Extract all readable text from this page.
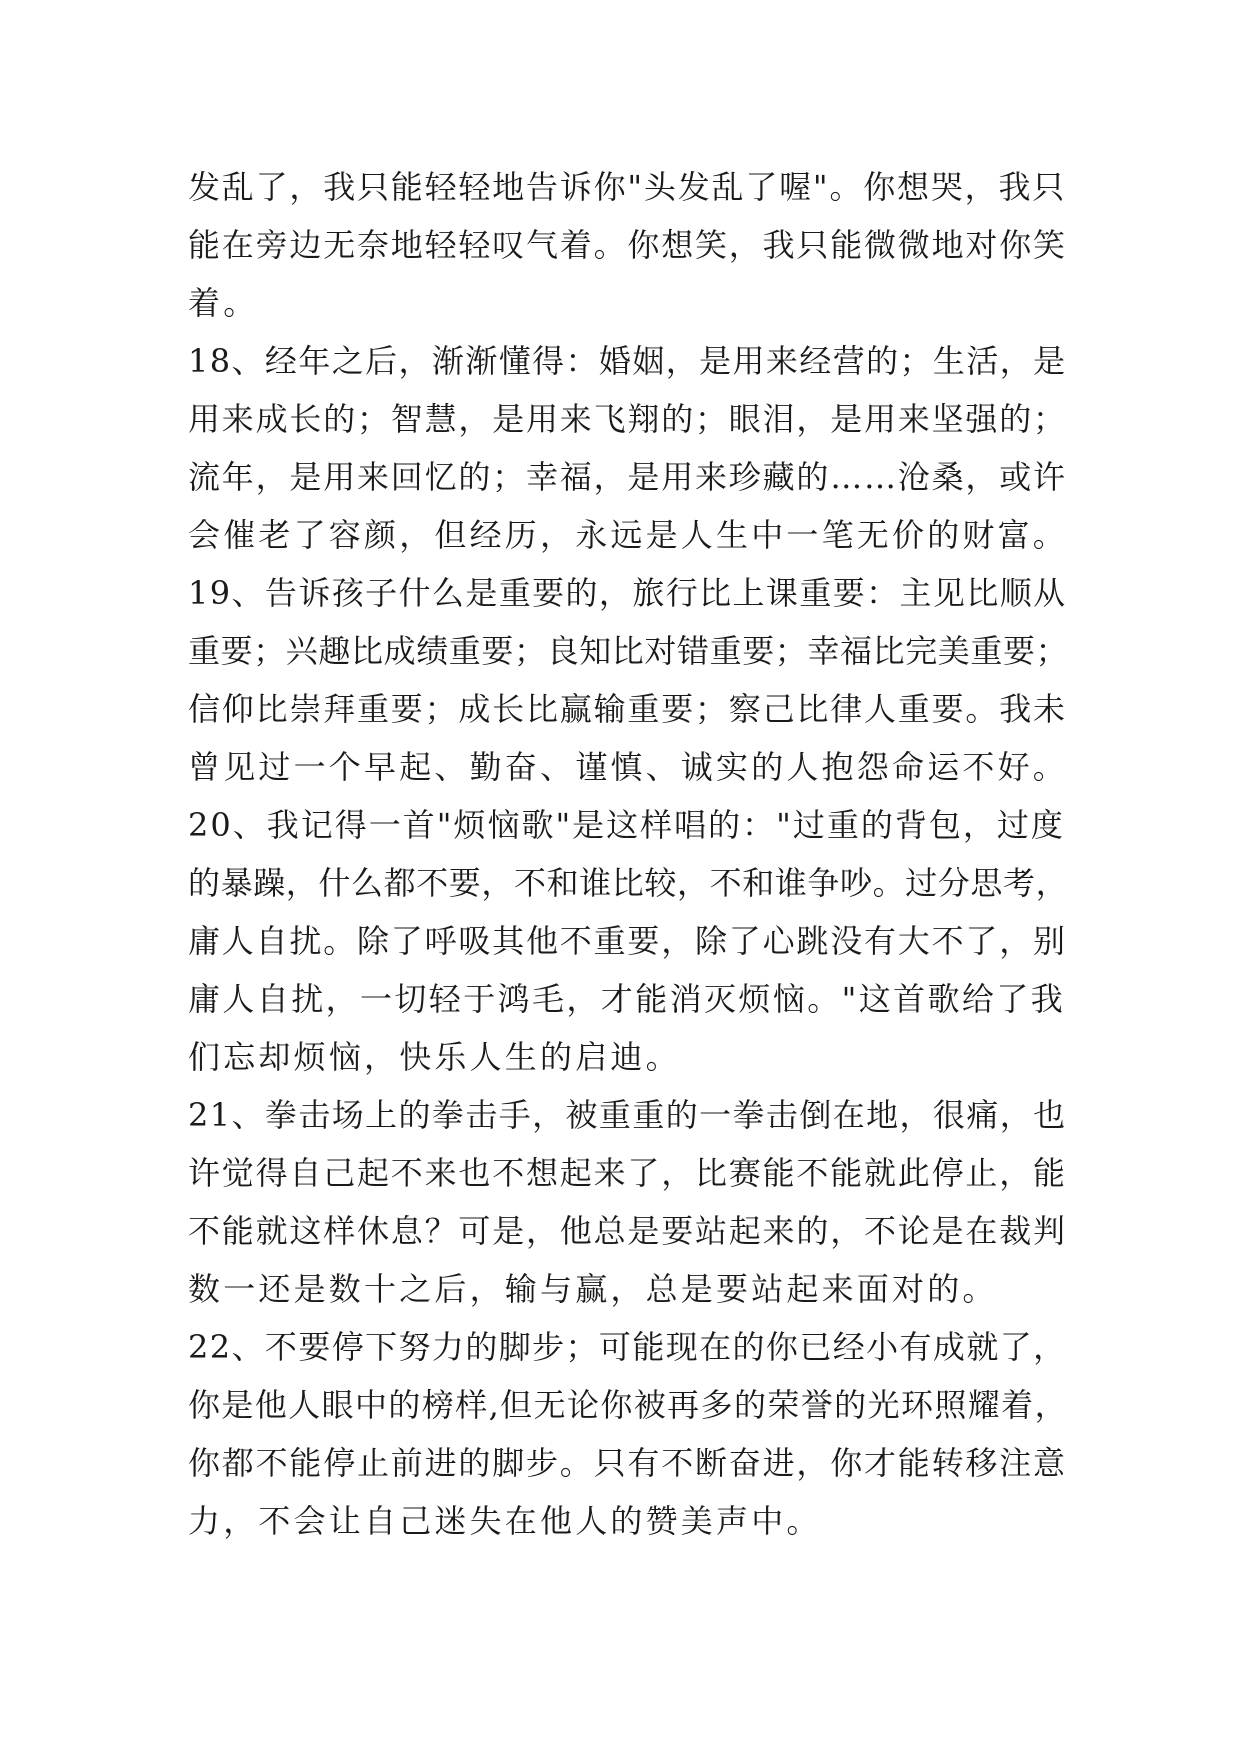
发乱了，我只能轻轻地告诉你"头发乱了喔"。你想哭，我只
能在旁边无奈地轻轻叹气着。你想笑，我只能微微地对你笑
着。
18、经年之后，渐渐懂得：婚姻，是用来经营的；生活，是
用来成长的；智慧，是用来飞翔的；眼泪，是用来坚强的；
流年，是用来回忆的；幸福，是用来珍藏的……沧桑，或许
会催老了容颜，但经历，永远是人生中一笔无价的财富。
19、告诉孩子什么是重要的，旅行比上课重要：主见比顺从
重要；兴趣比成绩重要；良知比对错重要；幸福比完美重要；
信仰比崇拜重要；成长比赢输重要；察己比律人重要。我未
曾见过一个早起、勤奋、谨慎、诚实的人抱怨命运不好。
20、我记得一首"烦恼歌"是这样唱的："过重的背包，过度
的暴躁，什么都不要，不和谁比较，不和谁争吵。过分思考，
庸人自扰。除了呼吸其他不重要，除了心跳没有大不了，别
庸人自扰，一切轻于鸿毛，才能消灭烦恼。"这首歌给了我
们忘却烦恼，快乐人生的启迪。
21、拳击场上的拳击手，被重重的一拳击倒在地，很痛，也
许觉得自己起不来也不想起来了，比赛能不能就此停止，能
不能就这样休息？可是，他总是要站起来的，不论是在裁判
数一还是数十之后，输与赢，总是要站起来面对的。
22、不要停下努力的脚步；可能现在的你已经小有成就了，
你是他人眼中的榜样,但无论你被再多的荣誉的光环照耀着，
你都不能停止前进的脚步。只有不断奋进，你才能转移注意
力，不会让自己迷失在他人的赞美声中。
